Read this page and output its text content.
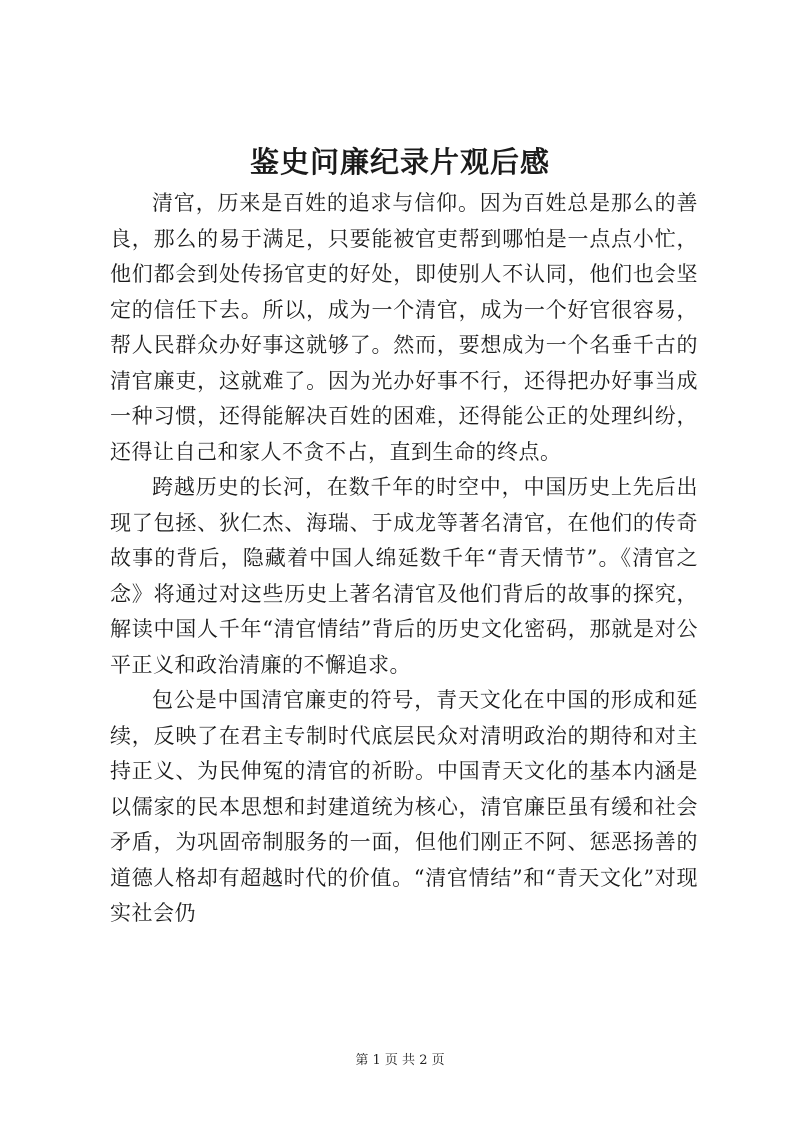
鉴史问廉纪录片观后感

清官，历来是百姓的追求与信仰。因为百姓总是那么的善良，那么的易于满足，只要能被官吏帮到哪怕是一点点小忙，他们都会到处传扬官吏的好处，即使别人不认同，他们也会坚定的信任下去。所以，成为一个清官，成为一个好官很容易，帮人民群众办好事这就够了。然而，要想成为一个名垂千古的清官廉吏，这就难了。因为光办好事不行，还得把办好事当成一种习惯，还得能解决百姓的困难，还得能公正的处理纠纷，还得让自己和家人不贪不占，直到生命的终点。

跨越历史的长河，在数千年的时空中，中国历史上先后出现了包拯、狄仁杰、海瑞、于成龙等著名清官，在他们的传奇故事的背后，隐藏着中国人绵延数千年“青天情节”。《清官之念》将通过对这些历史上著名清官及他们背后的故事的探究，解读中国人千年“清官情结”背后的历史文化密码，那就是对公平正义和政治清廉的不懈追求。

包公是中国清官廉吏的符号，青天文化在中国的形成和延续，反映了在君主专制时代底层民众对清明政治的期待和对主持正义、为民伸冤的清官的祈盼。中国青天文化的基本内涵是以儒家的民本思想和封建道统为核心，清官廉臣虽有缓和社会矛盾，为巩固帝制服务的一面，但他们刚正不阿、惩恶扬善的道德人格却有超越时代的价值。“清官情结”和“青天文化”对现实社会仍

第 1 页 共 2 页
